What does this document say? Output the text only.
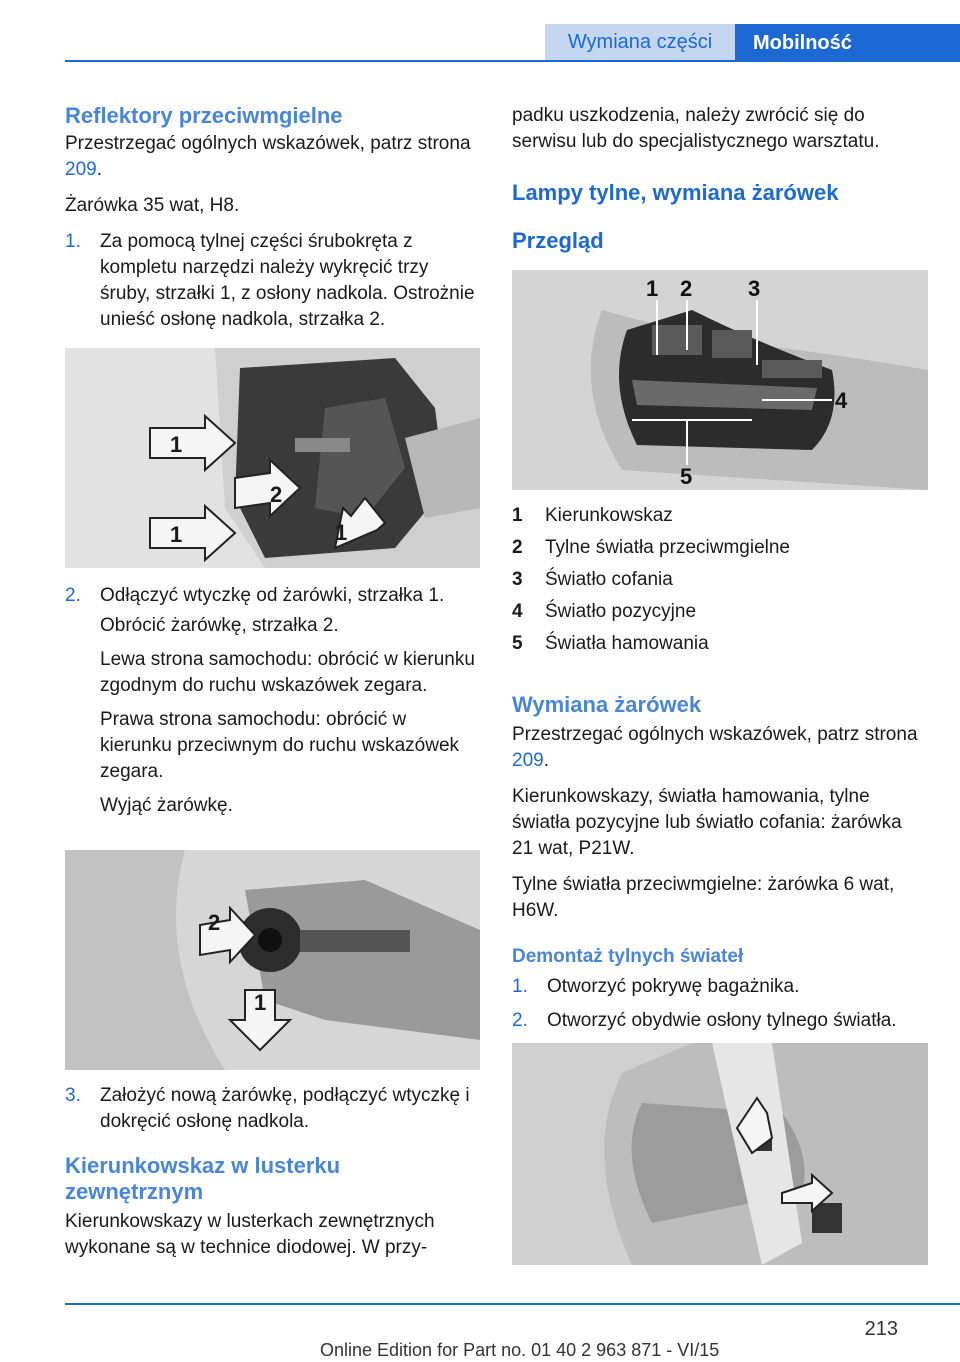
Wymiana części	Mobilność
Reflektory przeciwmgielne

Przestrzegać ogólnych wskazówek, patrz strona 209.

Żarówka 35 wat, H8.

1.	Za pomocą tylnej części śrubokręta z kompletu narzędzi należy wykręcić trzy śruby, strzałki 1, z osłony nadkola. Ostrożnie unieść osłonę nadkola, strzałka 2.
1
2
1	1
2.	Odłączyć wtyczkę od żarówki, strzałka 1.
Obrócić żarówkę, strzałka 2.
Lewa strona samochodu: obrócić w kierunku zgodnym do ruchu wskazówek zegara.
Prawa strona samochodu: obrócić w kierunku przeciwnym do ruchu wskazówek zegara.
Wyjąć żarówkę.
2
1
3.	Założyć nową żarówkę, podłączyć wtyczkę i dokręcić osłonę nadkola.
Kierunkowskaz w lusterku zewnętrznym

Kierunkowskazy w lusterkach zewnętrznych wykonane są w technice diodowej. W przy-

padku uszkodzenia, należy zwrócić się do serwisu lub do specjalistycznego warsztatu.

Lampy tylne, wymiana żarówek
Przegląd
1 2	3
4
5
1	Kierunkowskaz
2	Tylne światła przeciwmgielne
3	Światło cofania
4	Światło pozycyjne
5	Światła hamowania
Wymiana żarówek

Przestrzegać ogólnych wskazówek, patrz strona 209.

Kierunkowskazy, światła hamowania, tylne światła pozycyjne lub światło cofania: żarówka 21 wat, P21W.

Tylne światła przeciwmgielne: żarówka 6 wat, H6W.

Demontaż tylnych świateł
1.	Otworzyć pokrywę bagażnika.
2.	Otworzyć obydwie osłony tylnego światła.
213
Online Edition for Part no. 01 40 2 963 871 - VI/15
